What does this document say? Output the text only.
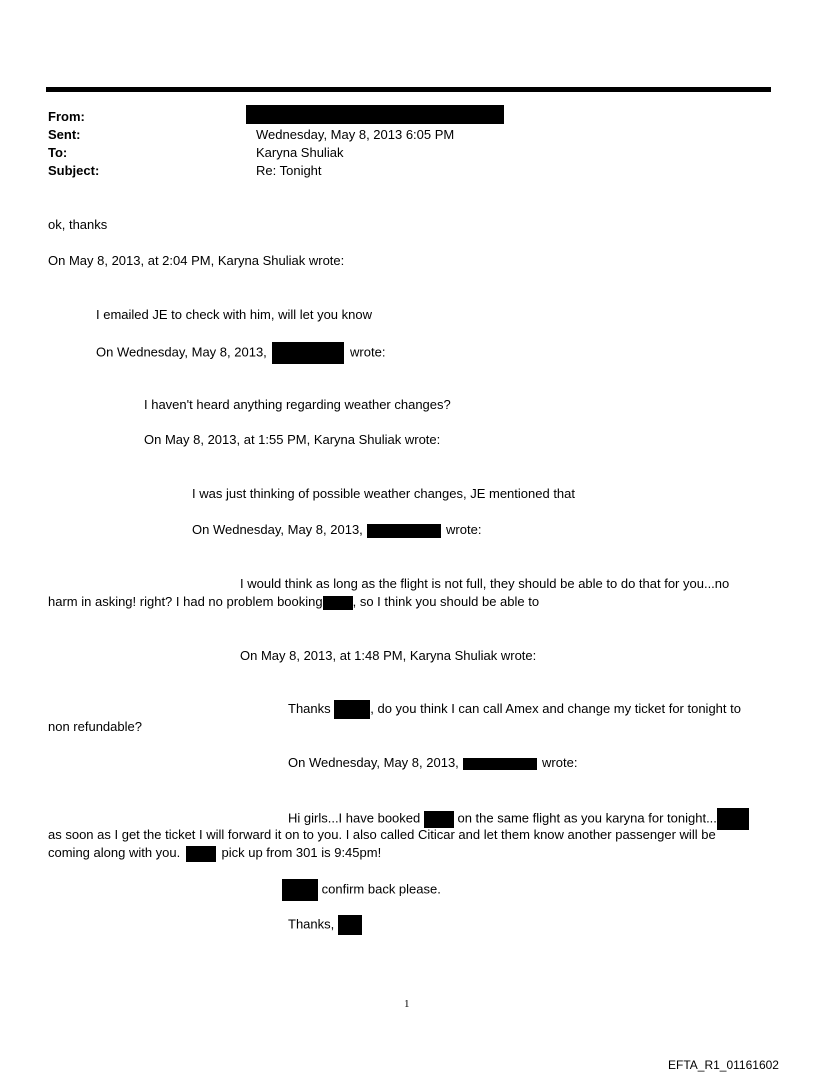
From:
Sent:	Wednesday, May 8, 2013 6:05 PM
To:	Karyna Shuliak
Subject:	Re: Tonight
ok, thanks
On May 8, 2013, at 2:04 PM, Karyna Shuliak wrote:
I emailed JE to check with him, will let you know
On Wednesday, May 8, 2013,	wrote:
I haven't heard anything regarding weather changes?
On May 8, 2013, at 1:55 PM, Karyna Shuliak wrote:
I was just thinking of possible weather changes, JE mentioned that
On Wednesday, May 8, 2013,	wrote:
I would think as long as the flight is not full, they should be able to do that for you...no
harm in asking! right? I had no problem booking , so I think you should be able to
On May 8, 2013, at 1:48 PM, Karyna Shuliak wrote:
Thanks	, do you think I can call Amex and change my ticket for tonight to
non refundable?
On Wednesday, May 8, 2013,	wrote:
Hi girls...I have booked	on the same flight as you karyna for tonight...
as soon as I get the ticket I will forward it on to you. I also called Citicar and let them know another passenger will be
coming along with you.	pick up from 301 is 9:45pm!
confirm back please.
Thanks,
1
EFTA_R1_01161602
